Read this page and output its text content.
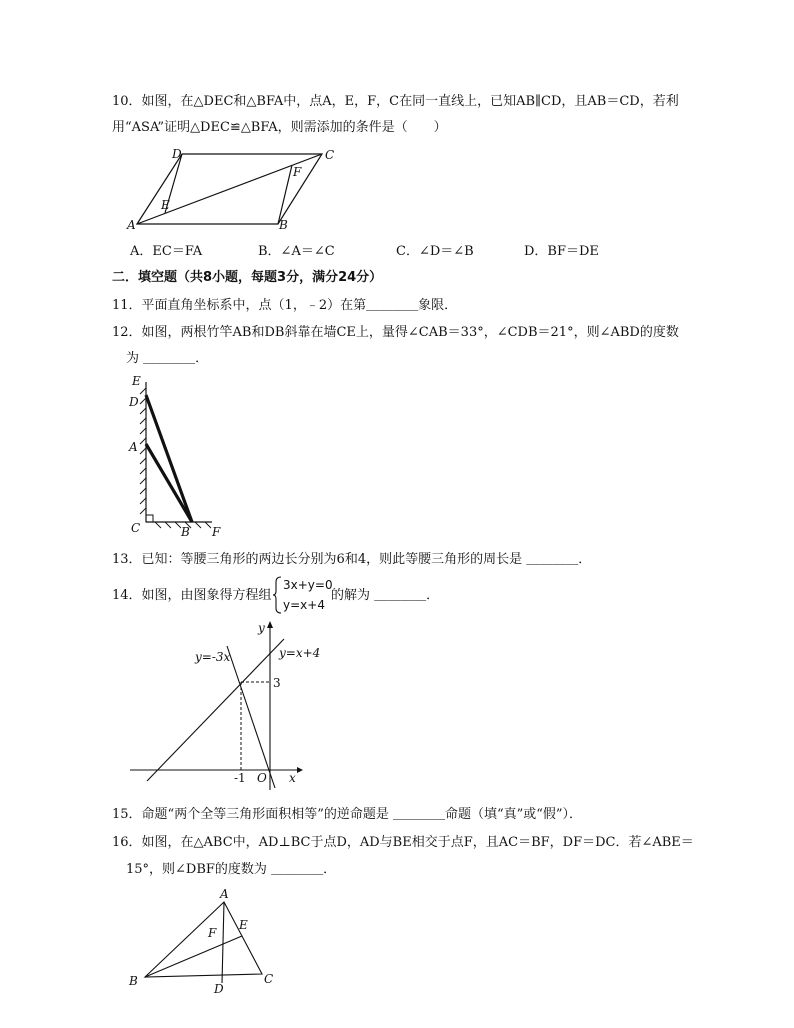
10．如图，在△DEC和△BFA中，点A，E，F，C在同一直线上，已知AB∥CD，且AB＝CD，若利
用“ASA”证明△DEC≌△BFA，则需添加的条件是（　　）
D	C
F
E
A	B
A．EC＝FA	B．∠A＝∠C	C．∠D＝∠B	D．BF＝DE
二．填空题（共8小题，每题3分，满分24分）
11．平面直角坐标系中，点（1，﹣2）在第＿＿＿＿象限．
12．如图，两根竹竿AB和DB斜靠在墙CE上，量得∠CAB＝33°，∠CDB＝21°，则∠ABD的度数
为 ＿＿＿＿．
E
D
A
C	B F
13．已知：等腰三角形的两边长分别为6和4，则此等腰三角形的周长是 ＿＿＿＿．
14．如图，由图象得方程组
3x+y=0
y=x+4
的解为 ＿＿＿＿．
y
y=-3x	y=x+4
3
-1 O x
15．命题“两个全等三角形面积相等”的逆命题是 ＿＿＿＿命题（填“真”或“假”）．
16．如图，在△ABC中，AD⊥BC于点D，AD与BE相交于点F，且AC＝BF，DF＝DC．若∠ABE＝
15°，则∠DBF的度数为 ＿＿＿＿．
A
E
F
B	C
D
